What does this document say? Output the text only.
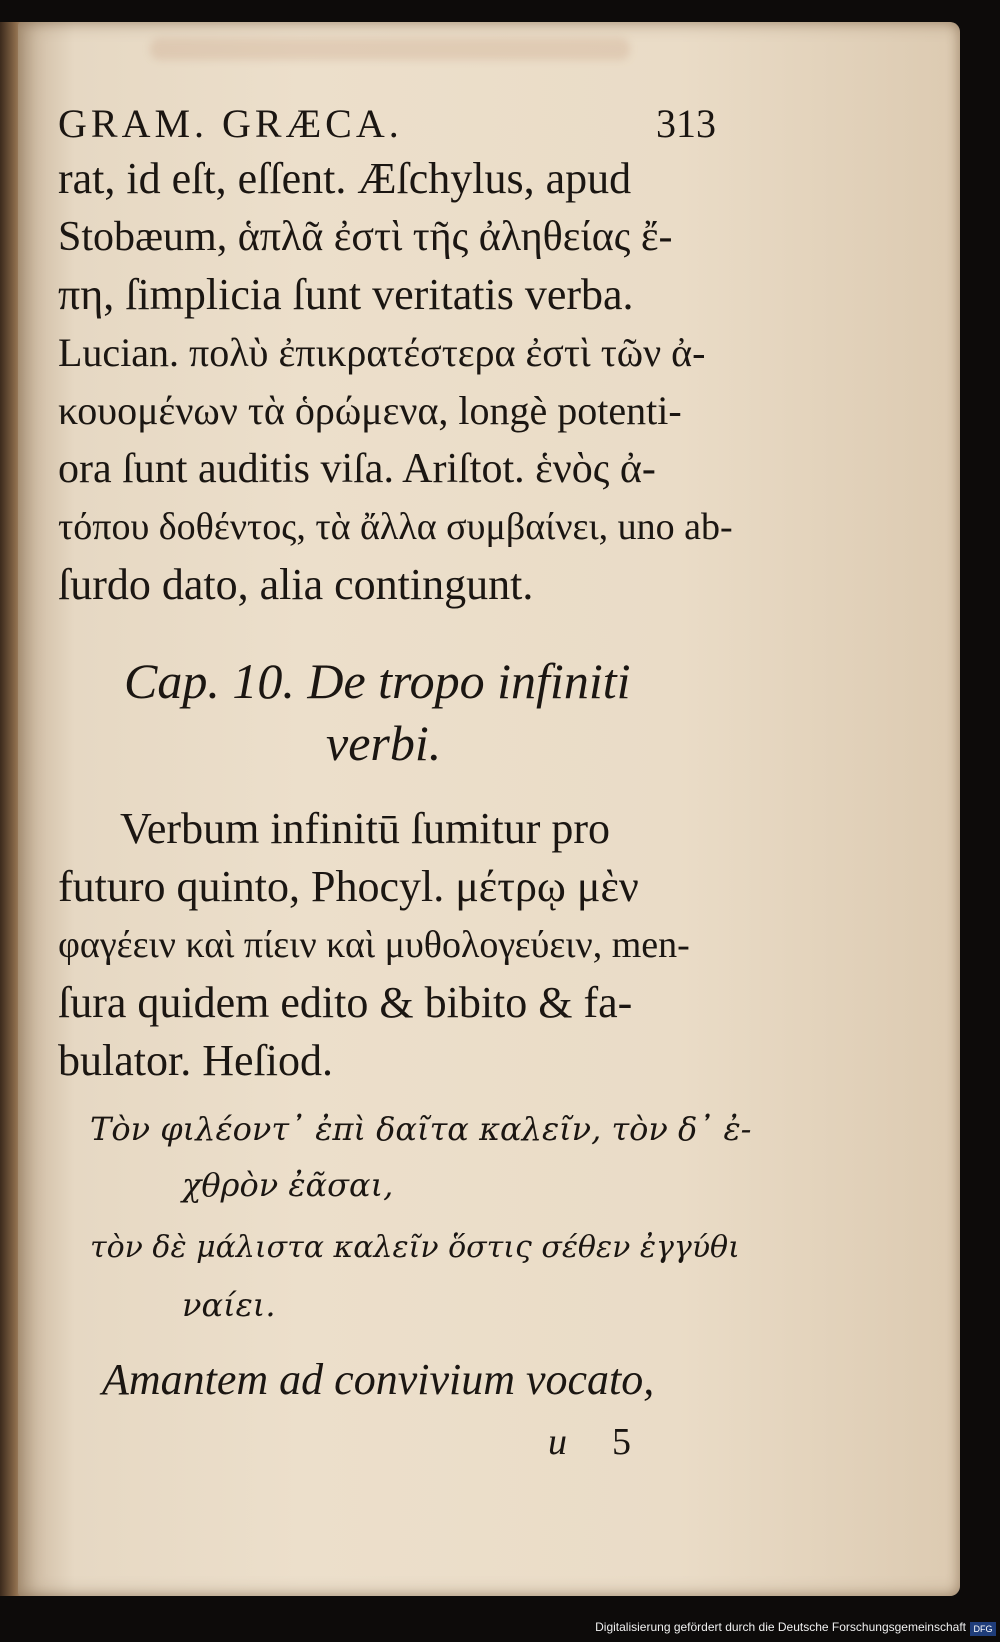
GRAM. GRÆCA.	313
rat, id eſt, eſſent. Æſchylus, apud
Stobæum, ἁπλᾶ ἐστὶ τῆς ἀληθείας ἔ-
πη, ſimplicia ſunt veritatis verba.
Lucian. πολὺ ἐπικρατέστερα ἐστὶ τῶν ἀ-
κουομένων τὰ ὁρώμενα, longè potenti-
ora ſunt auditis viſa. Ariſtot. ἑνὸς ἀ-
τόπου δοθέντος, τὰ ἄλλα συμβαίνει, uno ab-
ſurdo dato, alia contingunt.
Cap. 10. De tropo infiniti
verbi.
Verbum infinitū ſumitur pro
futuro quinto, Phocyl. μέτρῳ μὲν
φαγέειν καὶ πίειν καὶ μυθολογεύειν, men-
ſura quidem edito & bibito & fa-
bulator. Heſiod.
Τὸν φιλέοντ᾽ ἐπὶ δαῖτα καλεῖν, τὸν δ᾽ ἐ-
χθρὸν ἐᾶσαι,
τὸν δὲ μάλιστα καλεῖν ὅστις σέθεν ἐγγύθι
ναίει.
Amantem ad convivium vocato,
u 5
Digitalisierung gefördert durch die Deutsche Forschungsgemeinschaft DFG
